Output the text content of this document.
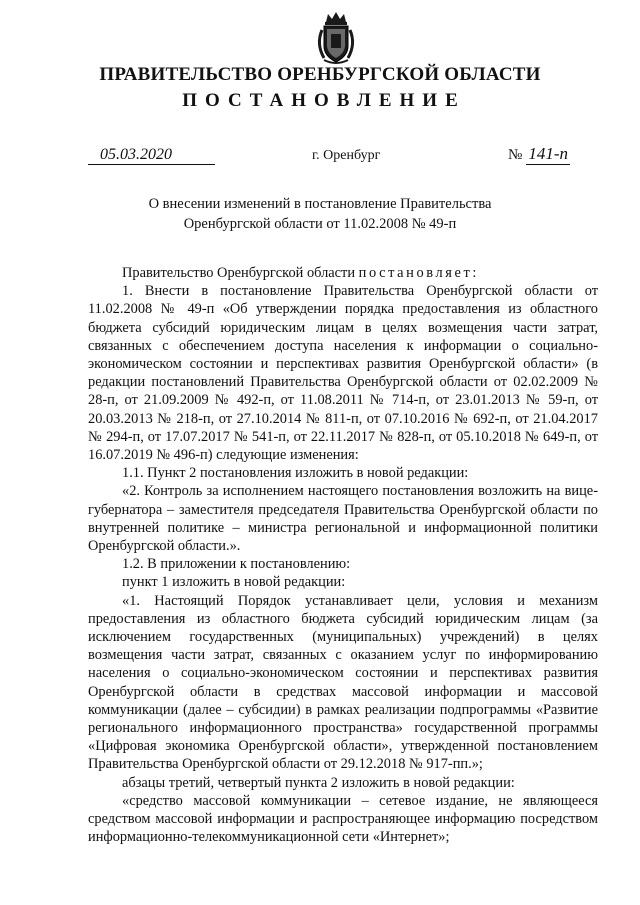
ПРАВИТЕЛЬСТВО ОРЕНБУРГСКОЙ ОБЛАСТИ
ПОСТАНОВЛЕНИЕ
05.03.2020	г. Оренбург	№ 141-п
О внесении изменений в постановление Правительства
Оренбургской области от 11.02.2008 № 49-п

Правительство Оренбургской области постановляет:

1. Внести в постановление Правительства Оренбургской области от 11.02.2008 № 49-п «Об утверждении порядка предоставления из областного бюджета субсидий юридическим лицам в целях возмещения части затрат, связанных с обеспечением доступа населения к информации о социально-экономическом состоянии и перспективах развития Оренбургской области» (в редакции постановлений Правительства Оренбургской области от 02.02.2009 № 28-п, от 21.09.2009 № 492-п, от 11.08.2011 № 714-п, от 23.01.2013 № 59-п, от 20.03.2013 № 218-п, от 27.10.2014 № 811-п, от 07.10.2016 № 692-п, от 21.04.2017 № 294-п, от 17.07.2017 № 541-п, от 22.11.2017 № 828-п, от 05.10.2018 № 649-п, от 16.07.2019 № 496-п) следующие изменения:

1.1. Пункт 2 постановления изложить в новой редакции:

«2. Контроль за исполнением настоящего постановления возложить на вице-губернатора – заместителя председателя Правительства Оренбургской области по внутренней политике – министра региональной и информационной политики Оренбургской области.».

1.2. В приложении к постановлению:

пункт 1 изложить в новой редакции:

«1. Настоящий Порядок устанавливает цели, условия и механизм предоставления из областного бюджета субсидий юридическим лицам (за исключением государственных (муниципальных) учреждений) в целях возмещения части затрат, связанных с оказанием услуг по информированию населения о социально-экономическом состоянии и перспективах развития Оренбургской области в средствах массовой информации и массовой коммуникации (далее – субсидии) в рамках реализации подпрограммы «Развитие регионального информационного пространства» государственной программы «Цифровая экономика Оренбургской области», утвержденной постановлением Правительства Оренбургской области от 29.12.2018 № 917-пп.»;

абзацы третий, четвертый пункта 2 изложить в новой редакции:

«средство массовой коммуникации – сетевое издание, не являющееся средством массовой информации и распространяющее информацию посредством информационно-телекоммуникационной сети «Интернет»;
